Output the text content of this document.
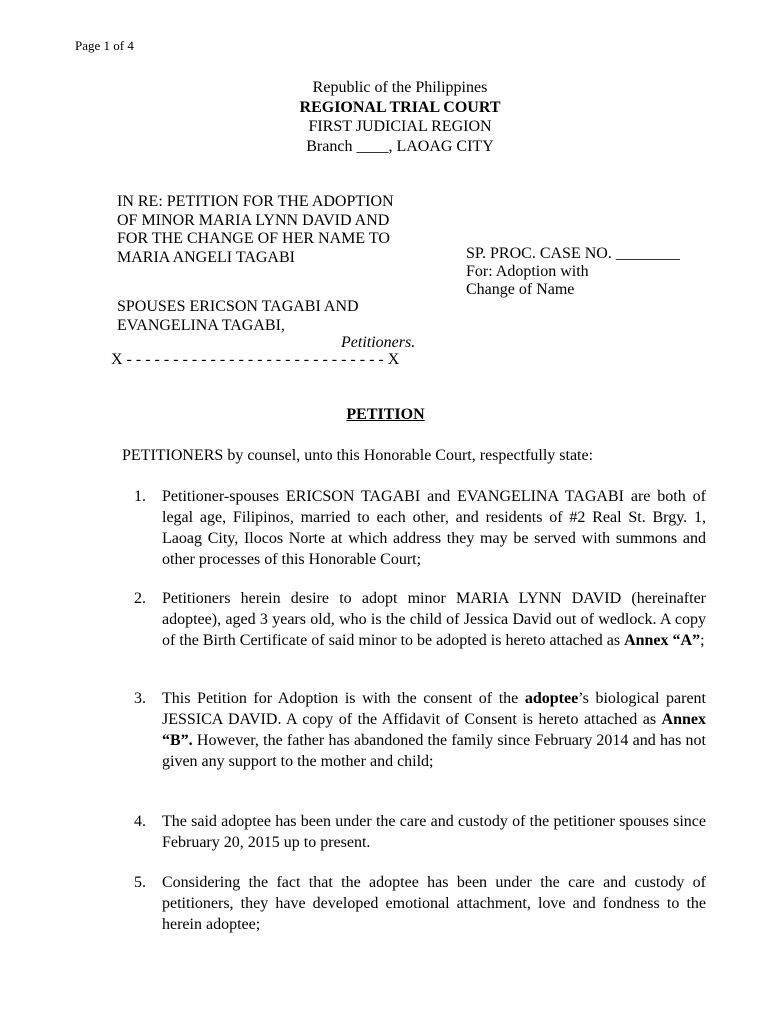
Page 1 of 4
Republic of the Philippines
REGIONAL TRIAL COURT
FIRST JUDICIAL REGION
Branch ____, LAOAG CITY
IN RE: PETITION FOR THE ADOPTION
OF MINOR MARIA LYNN DAVID AND
FOR THE CHANGE OF HER NAME TO
MARIA ANGELI TAGABI	SP. PROC. CASE NO. ________
For: Adoption with
Change of Name
SPOUSES ERICSON TAGABI AND
EVANGELINA TAGABI,
Petitioners.
X - - - - - - - - - - - - - - - - - - - - - - - - - - - - X
PETITION
PETITIONERS by counsel, unto this Honorable Court, respectfully state:
1. Petitioner-spouses ERICSON TAGABI and EVANGELINA TAGABI are both of legal age, Filipinos, married to each other, and residents of #2 Real St. Brgy. 1, Laoag City, Ilocos Norte at which address they may be served with summons and other processes of this Honorable Court;
2. Petitioners herein desire to adopt minor MARIA LYNN DAVID (hereinafter adoptee), aged 3 years old, who is the child of Jessica David out of wedlock. A copy of the Birth Certificate of said minor to be adopted is hereto attached as Annex “A”;
3. This Petition for Adoption is with the consent of the adoptee’s biological parent JESSICA DAVID. A copy of the Affidavit of Consent is hereto attached as Annex “B”. However, the father has abandoned the family since February 2014 and has not given any support to the mother and child;
4. The said adoptee has been under the care and custody of the petitioner spouses since February 20, 2015 up to present.
5. Considering the fact that the adoptee has been under the care and custody of petitioners, they have developed emotional attachment, love and fondness to the herein adoptee;
